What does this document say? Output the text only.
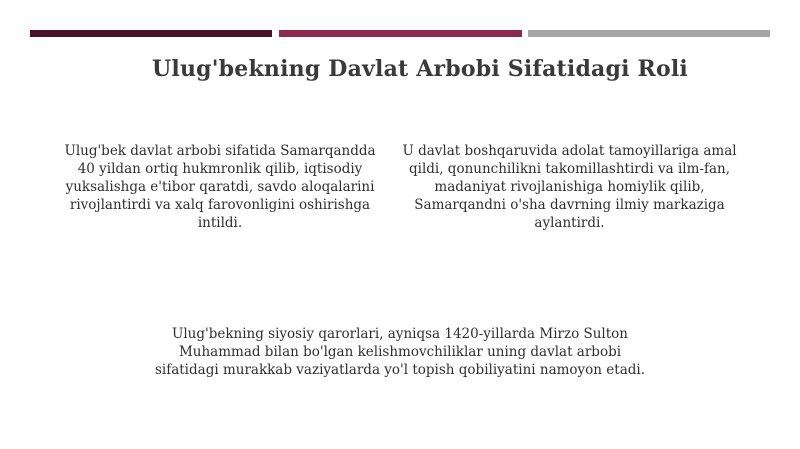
Ulug'bekning Davlat Arbobi Sifatidagi Roli
Ulug'bek davlat arbobi sifatida Samarqandda 40 yildan ortiq hukmronlik qilib, iqtisodiy yuksalishga e'tibor qaratdi, savdo aloqalarini rivojlantirdi va xalq farovonligini oshirishga intildi.
U davlat boshqaruvida adolat tamoyillariga amal qildi, qonunchilikni takomillashtirdi va ilm-fan, madaniyat rivojlanishiga homiylik qilib, Samarqandni o'sha davrning ilmiy markaziga aylantirdi.
Ulug'bekning siyosiy qarorlari, ayniqsa 1420-yillarda Mirzo Sulton Muhammad bilan bo'lgan kelishmovchiliklar uning davlat arbobi sifatidagi murakkab vaziyatlarda yo'l topish qobiliyatini namoyon etadi.
